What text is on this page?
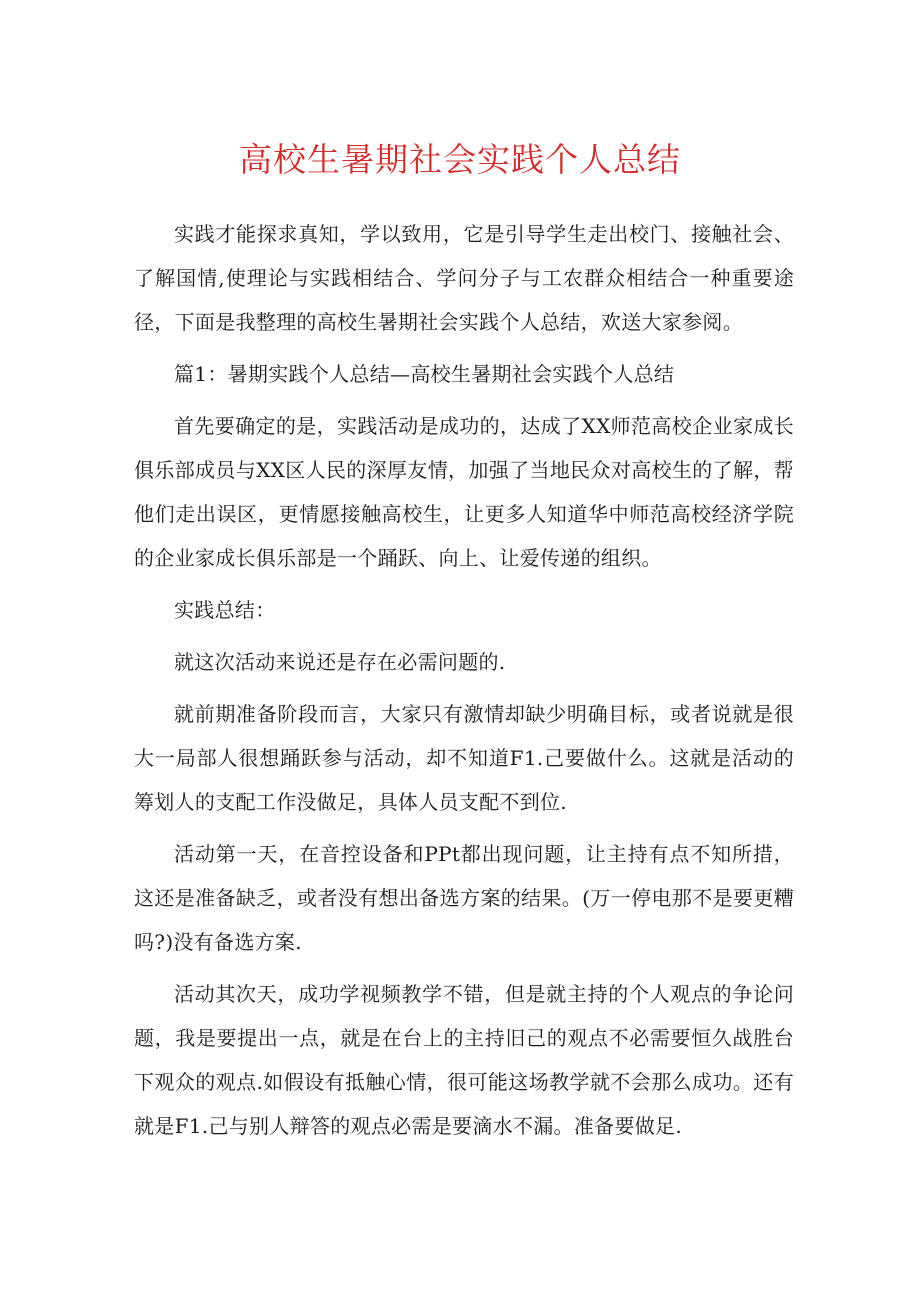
高校生暑期社会实践个人总结

实践才能探求真知，学以致用，它是引导学生走出校门、接触社会、了解国情,使理论与实践相结合、学问分子与工农群众相结合一种重要途径，下面是我整理的高校生暑期社会实践个人总结，欢送大家参阅。

篇1：暑期实践个人总结—高校生暑期社会实践个人总结

首先要确定的是，实践活动是成功的，达成了XX师范高校企业家成长俱乐部成员与XX区人民的深厚友情，加强了当地民众对高校生的了解，帮他们走出误区，更情愿接触高校生，让更多人知道华中师范高校经济学院的企业家成长俱乐部是一个踊跃、向上、让爱传递的组织。

实践总结：

就这次活动来说还是存在必需问题的.

就前期准备阶段而言，大家只有激情却缺少明确目标，或者说就是很大一局部人很想踊跃参与活动，却不知道F1.己要做什么。这就是活动的筹划人的支配工作没做足，具体人员支配不到位.

活动第一天，在音控设备和PPt都出现问题，让主持有点不知所措，这还是准备缺乏，或者没有想出备选方案的结果。(万一停电那不是要更糟吗?)没有备选方案.

活动其次天，成功学视频教学不错，但是就主持的个人观点的争论问题，我是要提出一点，就是在台上的主持旧己的观点不必需要恒久战胜台下观众的观点.如假设有抵触心情，很可能这场教学就不会那么成功。还有就是F1.己与别人辩答的观点必需是要滴水不漏。准备要做足.
